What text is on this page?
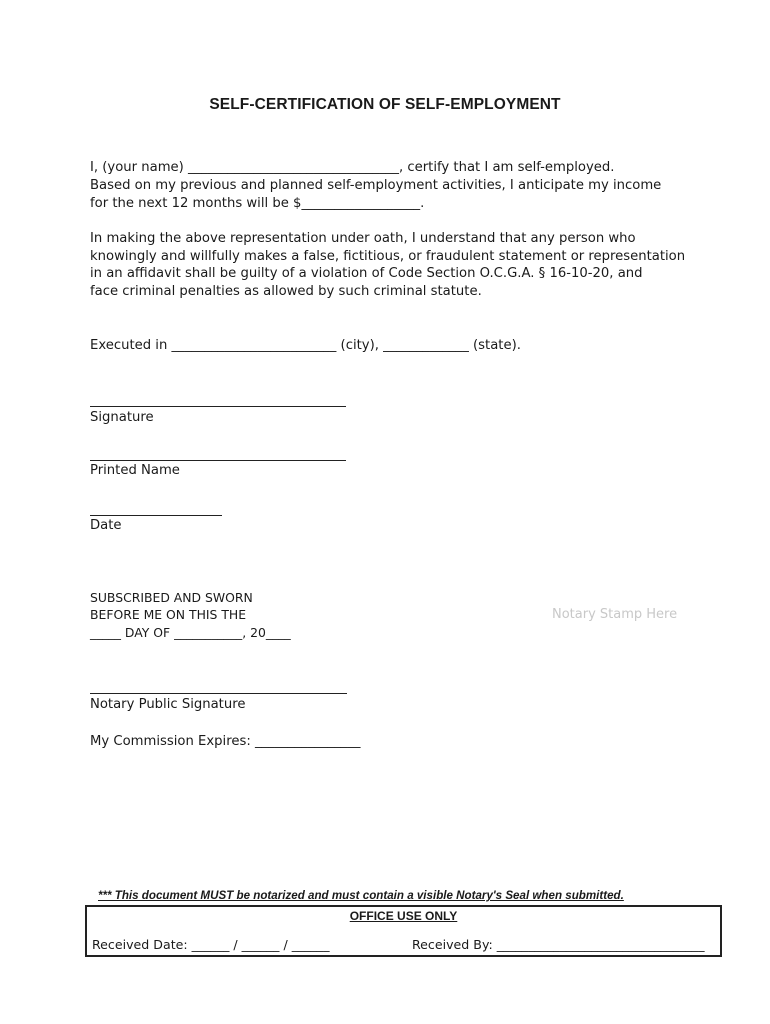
SELF-CERTIFICATION OF SELF-EMPLOYMENT
I, (your name) ________________________________, certify that I am self-employed.
Based on my previous and planned self-employment activities, I anticipate my income
for the next 12 months will be $__________________.
In making the above representation under oath, I understand that any person who
knowingly and willfully makes a false, fictitious, or fraudulent statement or representation
in an affidavit shall be guilty of a violation of Code Section O.C.G.A. § 16-10-20, and
face criminal penalties as allowed by such criminal statute.
Executed in _________________________ (city), _____________ (state).
Signature
Printed Name
Date
SUBSCRIBED AND SWORN
BEFORE ME ON THIS THE
_____ DAY OF ___________, 20____
Notary Stamp Here
Notary Public Signature
My Commission Expires: ________________
*** This document MUST be notarized and must contain a visible Notary's Seal when submitted.
OFFICE USE ONLY
Received Date: ______ / ______ / ______	Received By: _________________________________
